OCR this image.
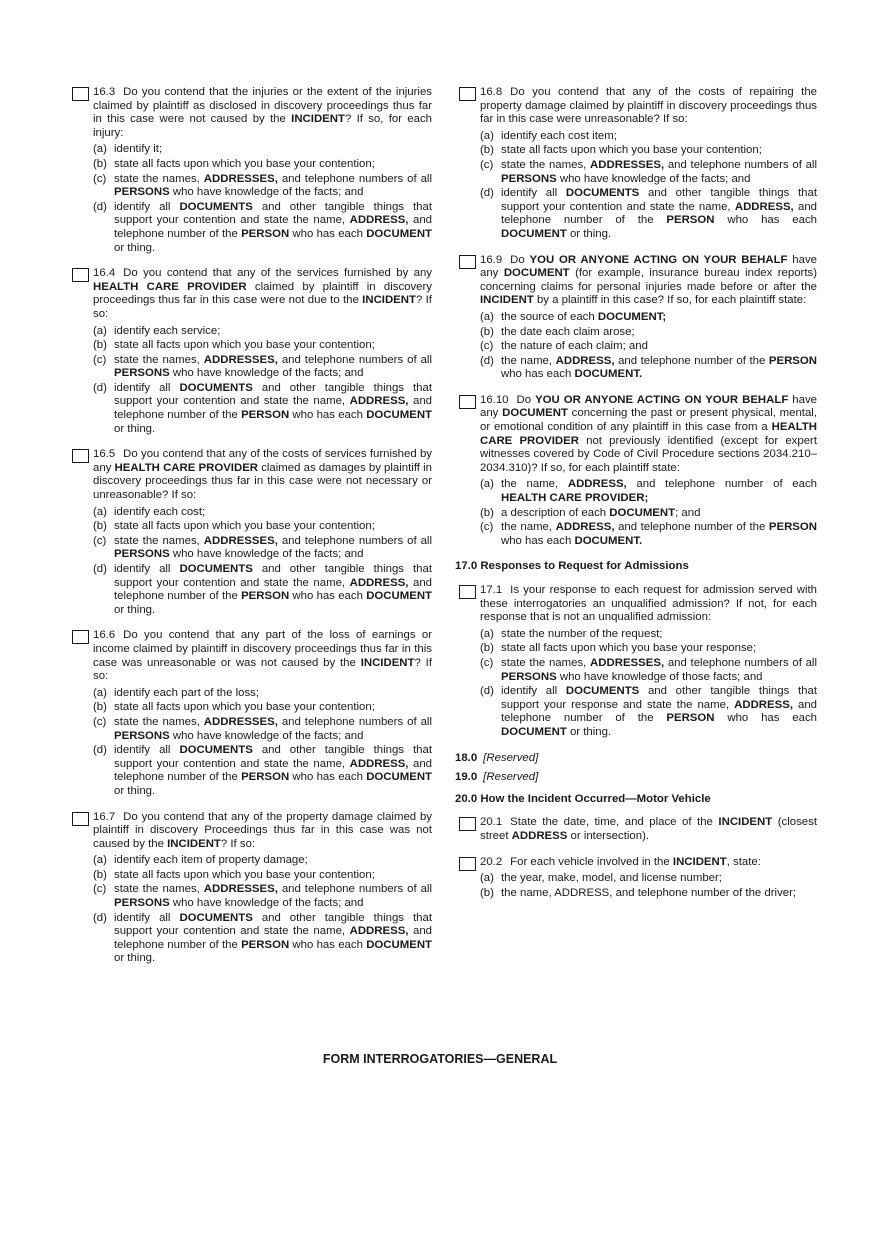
16.3 Do you contend that the injuries or the extent of the injuries claimed by plaintiff as disclosed in discovery proceedings thus far in this case were not caused by the INCIDENT? If so, for each injury:
(a) identify it;
(b) state all facts upon which you base your contention;
(c) state the names, ADDRESSES, and telephone numbers of all PERSONS who have knowledge of the facts; and
(d) identify all DOCUMENTS and other tangible things that support your contention and state the name, ADDRESS, and telephone number of the PERSON who has each DOCUMENT or thing.
16.4 Do you contend that any of the services furnished by any HEALTH CARE PROVIDER claimed by plaintiff in discovery proceedings thus far in this case were not due to the INCIDENT? If so:
(a) identify each service;
(b) state all facts upon which you base your contention;
(c) state the names, ADDRESSES, and telephone numbers of all PERSONS who have knowledge of the facts; and
(d) identify all DOCUMENTS and other tangible things that support your contention and state the name, ADDRESS, and telephone number of the PERSON who has each DOCUMENT or thing.
16.5 Do you contend that any of the costs of services furnished by any HEALTH CARE PROVIDER claimed as damages by plaintiff in discovery proceedings thus far in this case were not necessary or unreasonable? If so:
(a) identify each cost;
(b) state all facts upon which you base your contention;
(c) state the names, ADDRESSES, and telephone numbers of all PERSONS who have knowledge of the facts; and
(d) identify all DOCUMENTS and other tangible things that support your contention and state the name, ADDRESS, and telephone number of the PERSON who has each DOCUMENT or thing.
16.6 Do you contend that any part of the loss of earnings or income claimed by plaintiff in discovery proceedings thus far in this case was unreasonable or was not caused by the INCIDENT? If so:
(a) identify each part of the loss;
(b) state all facts upon which you base your contention;
(c) state the names, ADDRESSES, and telephone numbers of all PERSONS who have knowledge of the facts; and
(d) identify all DOCUMENTS and other tangible things that support your contention and state the name, ADDRESS, and telephone number of the PERSON who has each DOCUMENT or thing.
16.7 Do you contend that any of the property damage claimed by plaintiff in discovery Proceedings thus far in this case was not caused by the INCIDENT? If so:
(a) identify each item of property damage;
(b) state all facts upon which you base your contention;
(c) state the names, ADDRESSES, and telephone numbers of all PERSONS who have knowledge of the facts; and
(d) identify all DOCUMENTS and other tangible things that support your contention and state the name, ADDRESS, and telephone number of the PERSON who has each DOCUMENT or thing.
16.8 Do you contend that any of the costs of repairing the property damage claimed by plaintiff in discovery proceedings thus far in this case were unreasonable? If so:
(a) identify each cost item;
(b) state all facts upon which you base your contention;
(c) state the names, ADDRESSES, and telephone numbers of all PERSONS who have knowledge of the facts; and
(d) identify all DOCUMENTS and other tangible things that support your contention and state the name, ADDRESS, and telephone number of the PERSON who has each DOCUMENT or thing.
16.9 Do YOU OR ANYONE ACTING ON YOUR BEHALF have any DOCUMENT (for example, insurance bureau index reports) concerning claims for personal injuries made before or after the INCIDENT by a plaintiff in this case? If so, for each plaintiff state:
(a) the source of each DOCUMENT;
(b) the date each claim arose;
(c) the nature of each claim; and
(d) the name, ADDRESS, and telephone number of the PERSON who has each DOCUMENT.
16.10 Do YOU OR ANYONE ACTING ON YOUR BEHALF have any DOCUMENT concerning the past or present physical, mental, or emotional condition of any plaintiff in this case from a HEALTH CARE PROVIDER not previously identified (except for expert witnesses covered by Code of Civil Procedure sections 2034.210–2034.310)? If so, for each plaintiff state:
(a) the name, ADDRESS, and telephone number of each HEALTH CARE PROVIDER;
(b) a description of each DOCUMENT; and
(c) the name, ADDRESS, and telephone number of the PERSON who has each DOCUMENT.
17.0 Responses to Request for Admissions
17.1 Is your response to each request for admission served with these interrogatories an unqualified admission? If not, for each response that is not an unqualified admission:
(a) state the number of the request;
(b) state all facts upon which you base your response;
(c) state the names, ADDRESSES, and telephone numbers of all PERSONS who have knowledge of those facts; and
(d) identify all DOCUMENTS and other tangible things that support your response and state the name, ADDRESS, and telephone number of the PERSON who has each DOCUMENT or thing.
18.0 [Reserved]
19.0 [Reserved]
20.0 How the Incident Occurred—Motor Vehicle
20.1 State the date, time, and place of the INCIDENT (closest street ADDRESS or intersection).
20.2 For each vehicle involved in the INCIDENT, state:
(a) the year, make, model, and license number;
(b) the name, ADDRESS, and telephone number of the driver;
FORM INTERROGATORIES—GENERAL
